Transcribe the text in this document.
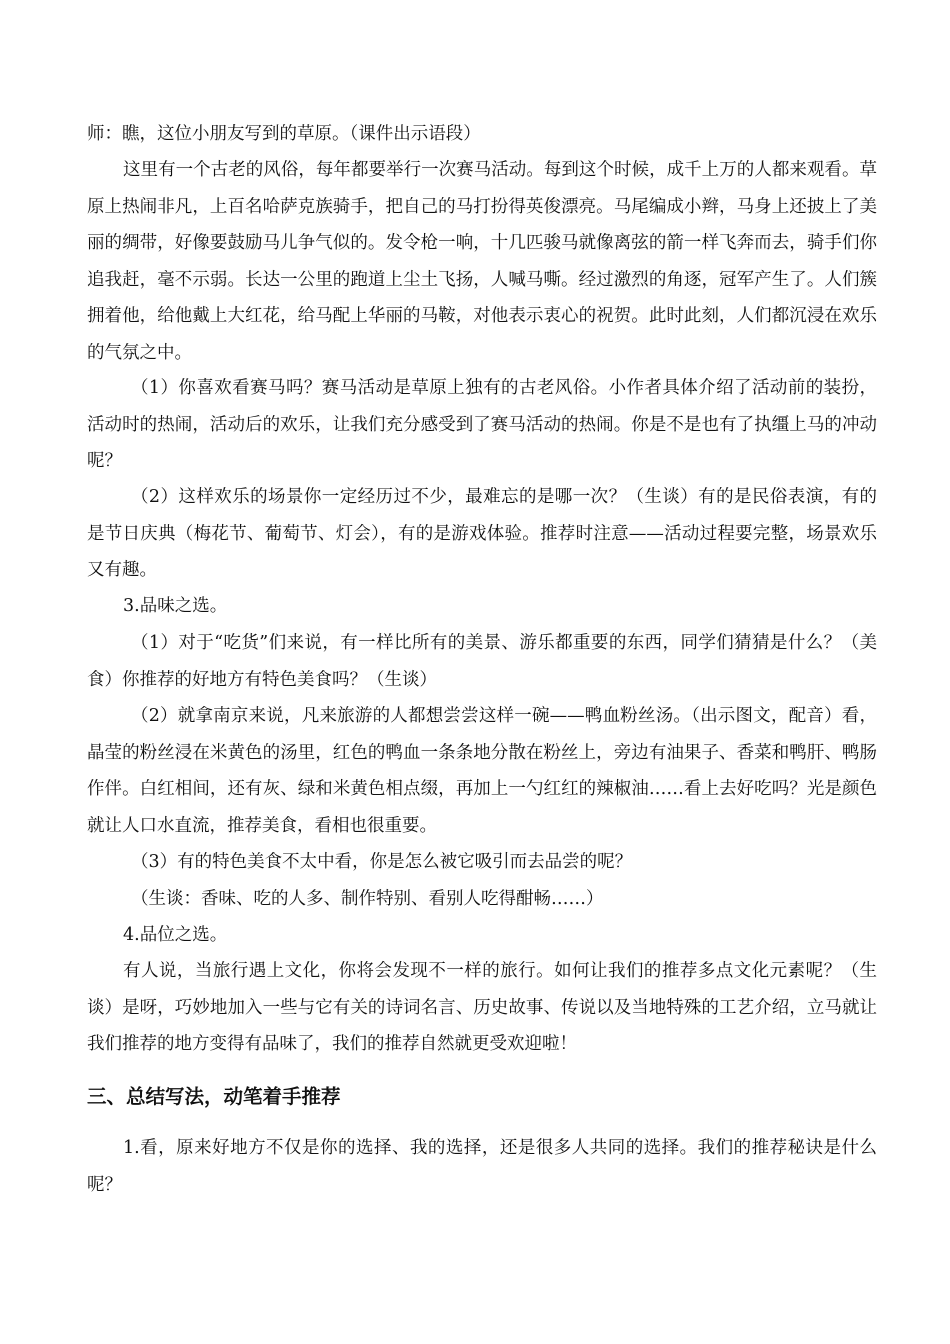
师：瞧，这位小朋友写到的草原。（课件出示语段）

这里有一个古老的风俗，每年都要举行一次赛马活动。每到这个时候，成千上万的人都来观看。草原上热闹非凡，上百名哈萨克族骑手，把自己的马打扮得英俊漂亮。马尾编成小辫，马身上还披上了美丽的绸带，好像要鼓励马儿争气似的。发令枪一响，十几匹骏马就像离弦的箭一样飞奔而去，骑手们你追我赶，毫不示弱。长达一公里的跑道上尘土飞扬，人喊马嘶。经过激烈的角逐，冠军产生了。人们簇拥着他，给他戴上大红花，给马配上华丽的马鞍，对他表示衷心的祝贺。此时此刻，人们都沉浸在欢乐的气氛之中。

（1）你喜欢看赛马吗？赛马活动是草原上独有的古老风俗。小作者具体介绍了活动前的装扮，活动时的热闹，活动后的欢乐，让我们充分感受到了赛马活动的热闹。你是不是也有了执缰上马的冲动呢？

（2）这样欢乐的场景你一定经历过不少，最难忘的是哪一次？（生谈）有的是民俗表演，有的是节日庆典（梅花节、葡萄节、灯会），有的是游戏体验。推荐时注意——活动过程要完整，场景欢乐又有趣。

3.品味之选。

（1）对于“吃货”们来说，有一样比所有的美景、游乐都重要的东西，同学们猜猜是什么？（美食）你推荐的好地方有特色美食吗？（生谈）

（2）就拿南京来说，凡来旅游的人都想尝尝这样一碗——鸭血粉丝汤。（出示图文，配音）看，晶莹的粉丝浸在米黄色的汤里，红色的鸭血一条条地分散在粉丝上，旁边有油果子、香菜和鸭肝、鸭肠作伴。白红相间，还有灰、绿和米黄色相点缀，再加上一勺红红的辣椒油……看上去好吃吗？光是颜色就让人口水直流，推荐美食，看相也很重要。

（3）有的特色美食不太中看，你是怎么被它吸引而去品尝的呢？

（生谈：香味、吃的人多、制作特别、看别人吃得酣畅……）

4.品位之选。

有人说，当旅行遇上文化，你将会发现不一样的旅行。如何让我们的推荐多点文化元素呢？（生谈）是呀，巧妙地加入一些与它有关的诗词名言、历史故事、传说以及当地特殊的工艺介绍，立马就让我们推荐的地方变得有品味了，我们的推荐自然就更受欢迎啦！

三、总结写法，动笔着手推荐

1.看，原来好地方不仅是你的选择、我的选择，还是很多人共同的选择。我们的推荐秘诀是什么呢？
